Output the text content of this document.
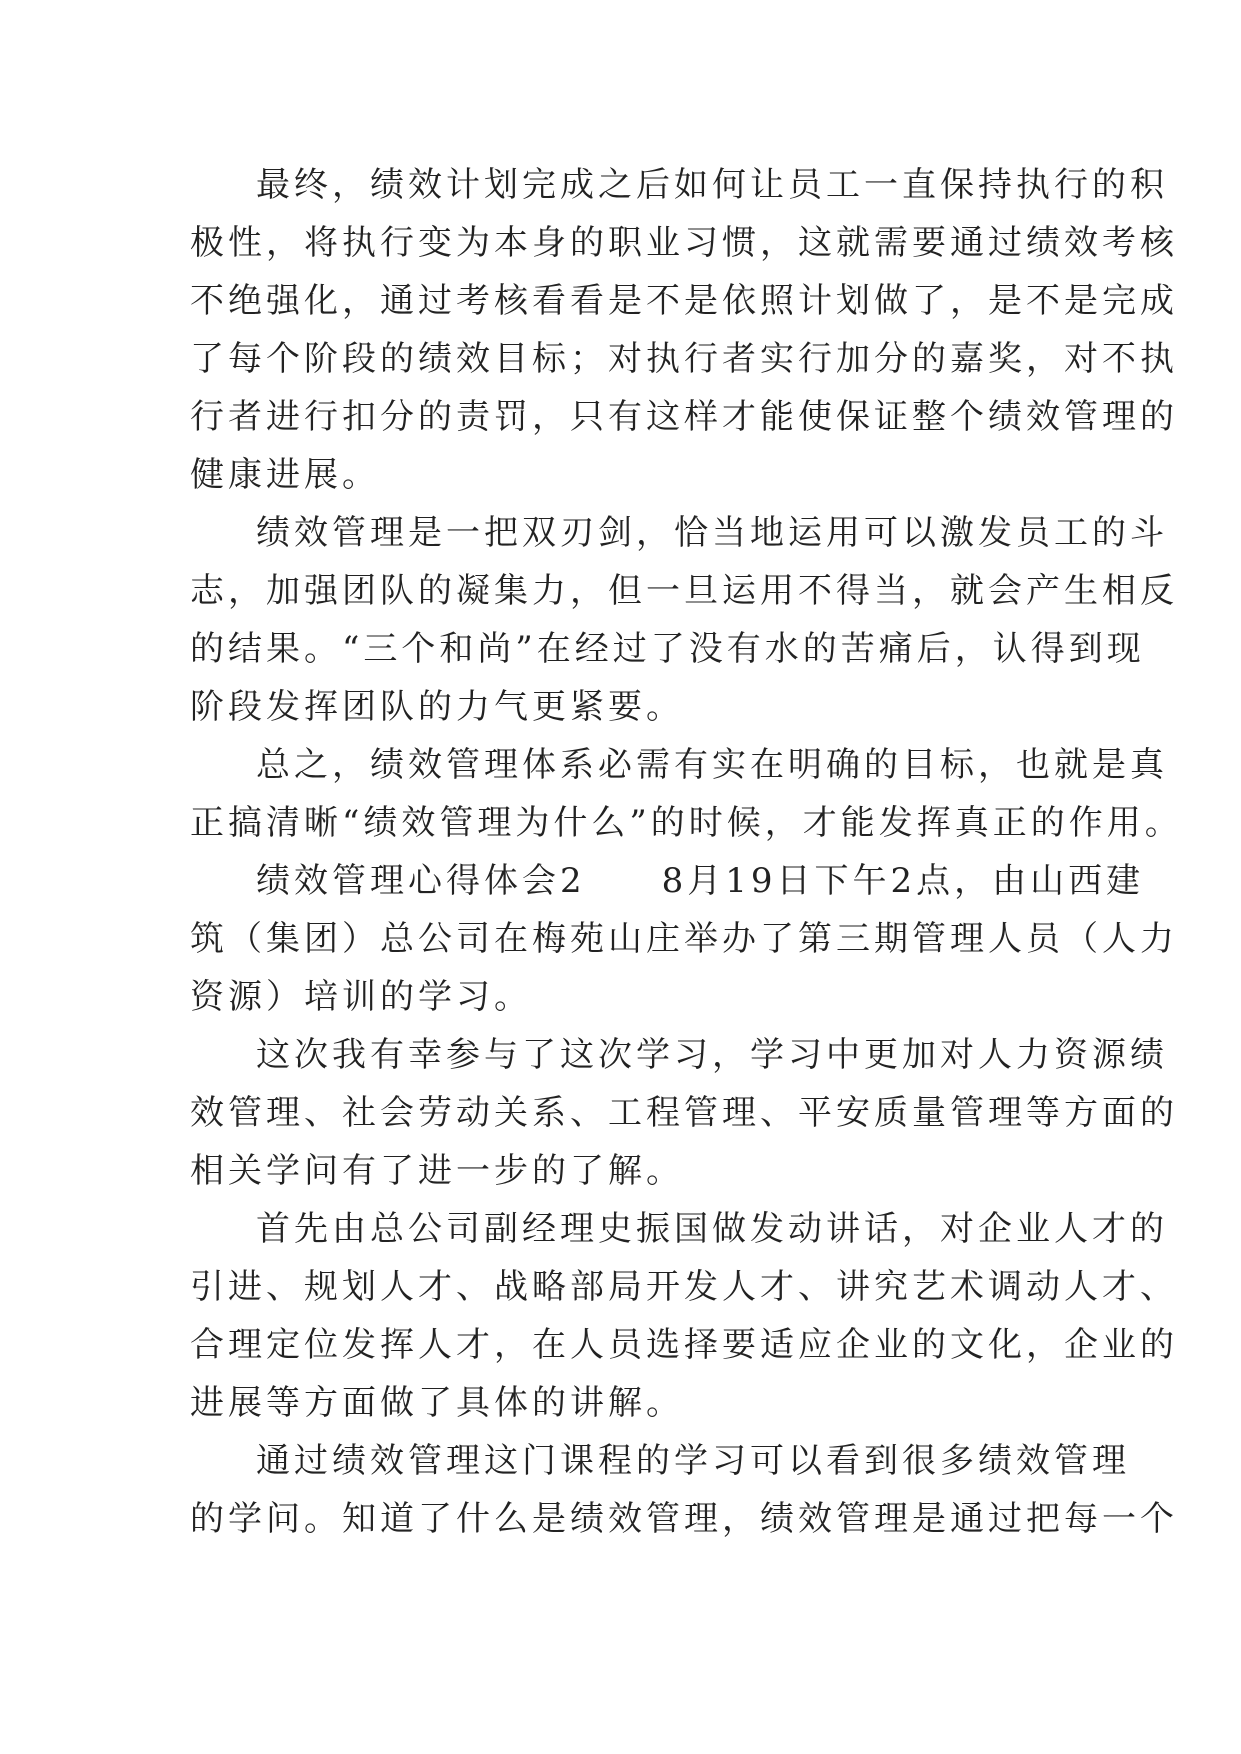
最终，绩效计划完成之后如何让员工一直保持执行的积
极性，将执行变为本身的职业习惯，这就需要通过绩效考核
不绝强化，通过考核看看是不是依照计划做了，是不是完成
了每个阶段的绩效目标；对执行者实行加分的嘉奖，对不执
行者进行扣分的责罚，只有这样才能使保证整个绩效管理的
健康进展。
绩效管理是一把双刃剑，恰当地运用可以激发员工的斗
志，加强团队的凝集力，但一旦运用不得当，就会产生相反
的结果。“三个和尚”在经过了没有水的苦痛后，认得到现
阶段发挥团队的力气更紧要。
总之，绩效管理体系必需有实在明确的目标，也就是真
正搞清晰“绩效管理为什么”的时候，才能发挥真正的作用。
绩效管理心得体会2　　8月19日下午2点，由山西建
筑（集团）总公司在梅苑山庄举办了第三期管理人员（人力
资源）培训的学习。
这次我有幸参与了这次学习，学习中更加对人力资源绩
效管理、社会劳动关系、工程管理、平安质量管理等方面的
相关学问有了进一步的了解。
首先由总公司副经理史振国做发动讲话，对企业人才的
引进、规划人才、战略部局开发人才、讲究艺术调动人才、
合理定位发挥人才，在人员选择要适应企业的文化，企业的
进展等方面做了具体的讲解。
通过绩效管理这门课程的学习可以看到很多绩效管理
的学问。知道了什么是绩效管理，绩效管理是通过把每一个
